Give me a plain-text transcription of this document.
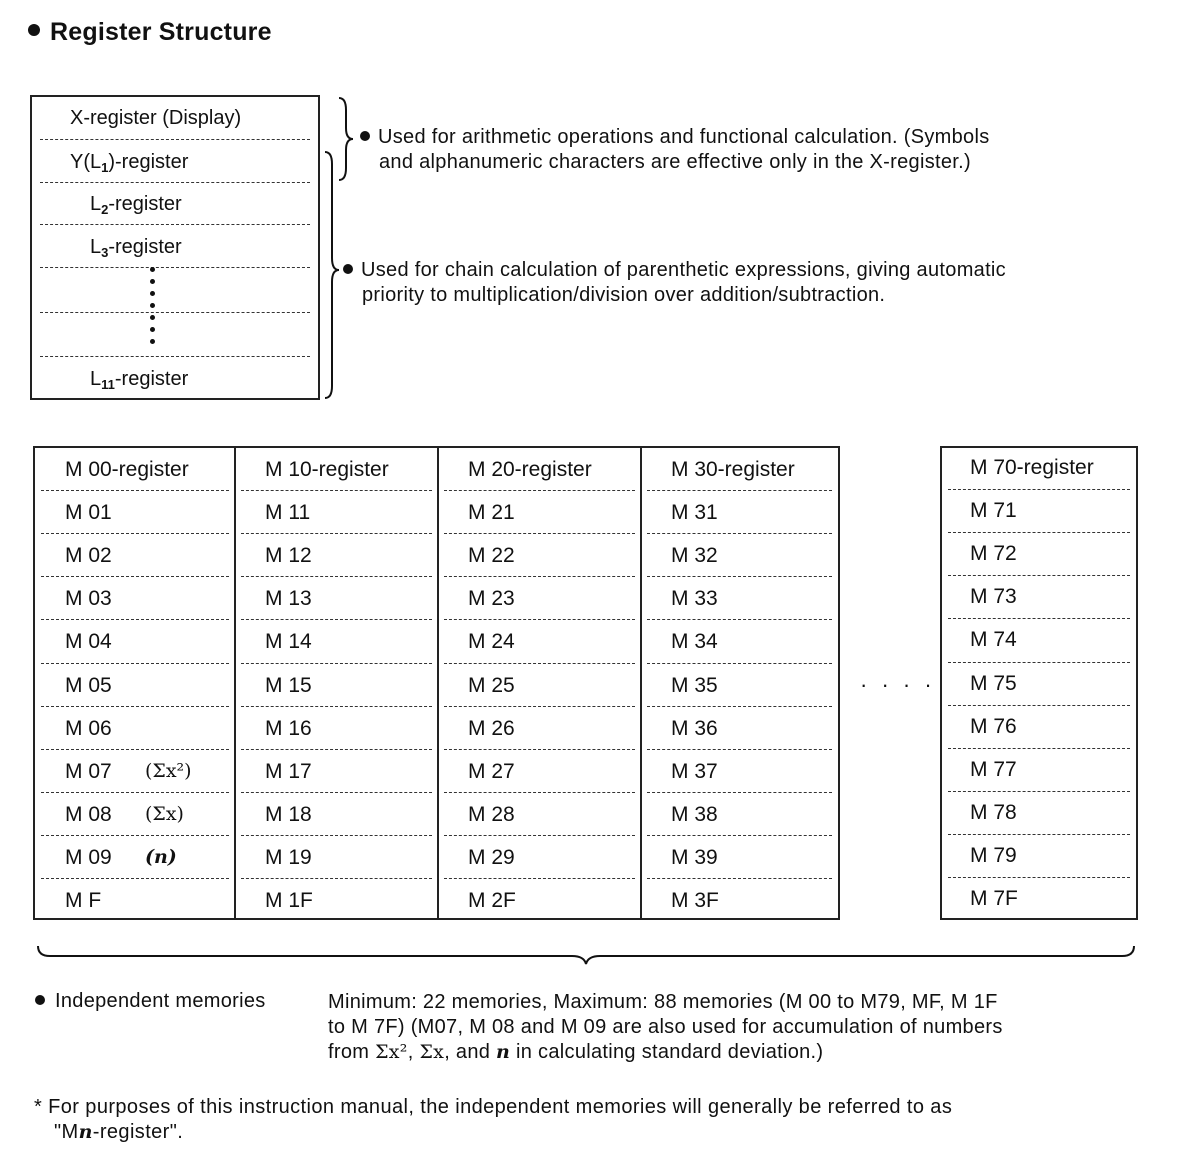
Register Structure
X-register (Display)
$Y(L_1)$-register
$L_2$-register
$L_3$-register
$L_{11}$-register
Used for arithmetic operations and functional calculation. (Symbols
and alphanumeric characters are effective only in the X-register.)
Used for chain calculation of parenthetic expressions, giving automatic
priority to multiplication/division over addition/subtraction.
M 00-register
M 01
M 02
M 03
M 04
M 05
M 06
M 07 (Σx²)
M 08 (Σx)
M 09 (n)
M F
M 10-register
M 11
M 12
M 13
M 14
M 15
M 16
M 17
M 18
M 19
M 1F
M 20-register
M 21
M 22
M 23
M 24
M 25
M 26
M 27
M 28
M 29
M 2F
M 30-register
M 31
M 32
M 33
M 34
M 35
M 36
M 37
M 38
M 39
M 3F
· · · ·
M 70-register
M 71
M 72
M 73
M 74
M 75
M 76
M 77
M 78
M 79
M 7F
Independent memories	Minimum: 22 memories, Maximum: 88 memories (M 00 to M79, MF, M 1F
to M 7F) (M07, M 08 and M 09 are also used for accumulation of numbers
from Σx², Σx, and n in calculating standard deviation.)
* For purposes of this instruction manual, the independent memories will generally be referred to as
"Mn-register".
